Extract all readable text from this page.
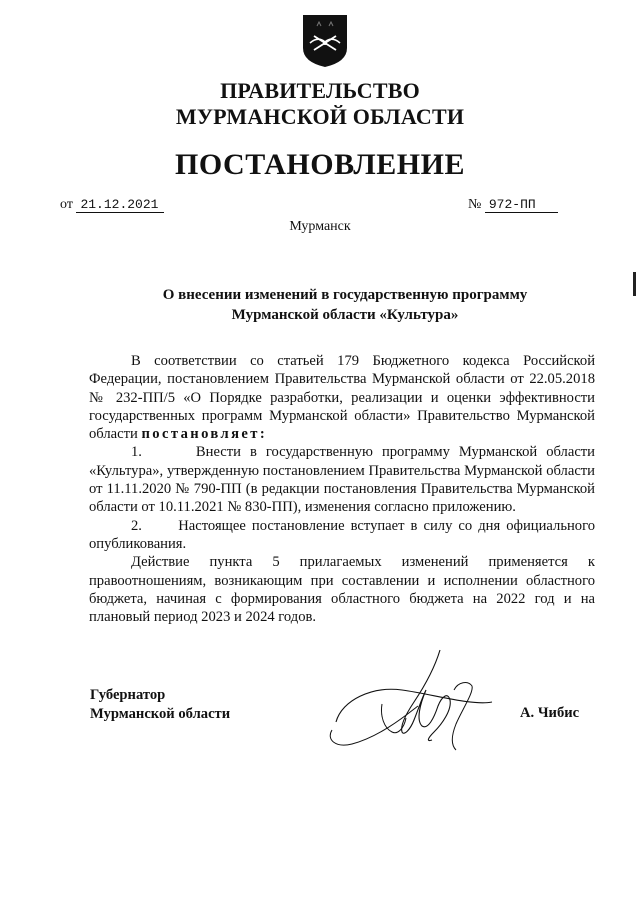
ПРАВИТЕЛЬСТВО
МУРМАНСКОЙ ОБЛАСТИ
ПОСТАНОВЛЕНИЕ
от 21.12.2021	№ 972-ПП
Мурманск
О внесении изменений в государственную программу
Мурманской области «Культура»

В соответствии со статьей 179 Бюджетного кодекса Российской Федерации, постановлением Правительства Мурманской области от 22.05.2018 № 232-ПП/5 «О Порядке разработки, реализации и оценки эффективности государственных программ Мурманской области» Правительство Мурманской области постановляет:

1.      Внести в государственную программу Мурманской области «Культура», утвержденную постановлением Правительства Мурманской области от 11.11.2020 № 790-ПП (в редакции постановления Правительства Мурманской области от 10.11.2021 № 830-ПП), изменения согласно приложению.

2.      Настоящее постановление вступает в силу со дня официального опубликования.

Действие пункта 5 прилагаемых изменений применяется к правоотношениям, возникающим при составлении и исполнении областного бюджета, начиная с формирования областного бюджета на 2022 год и на плановый период 2023 и 2024 годов.

Губернатор
Мурманской области	А. Чибис
